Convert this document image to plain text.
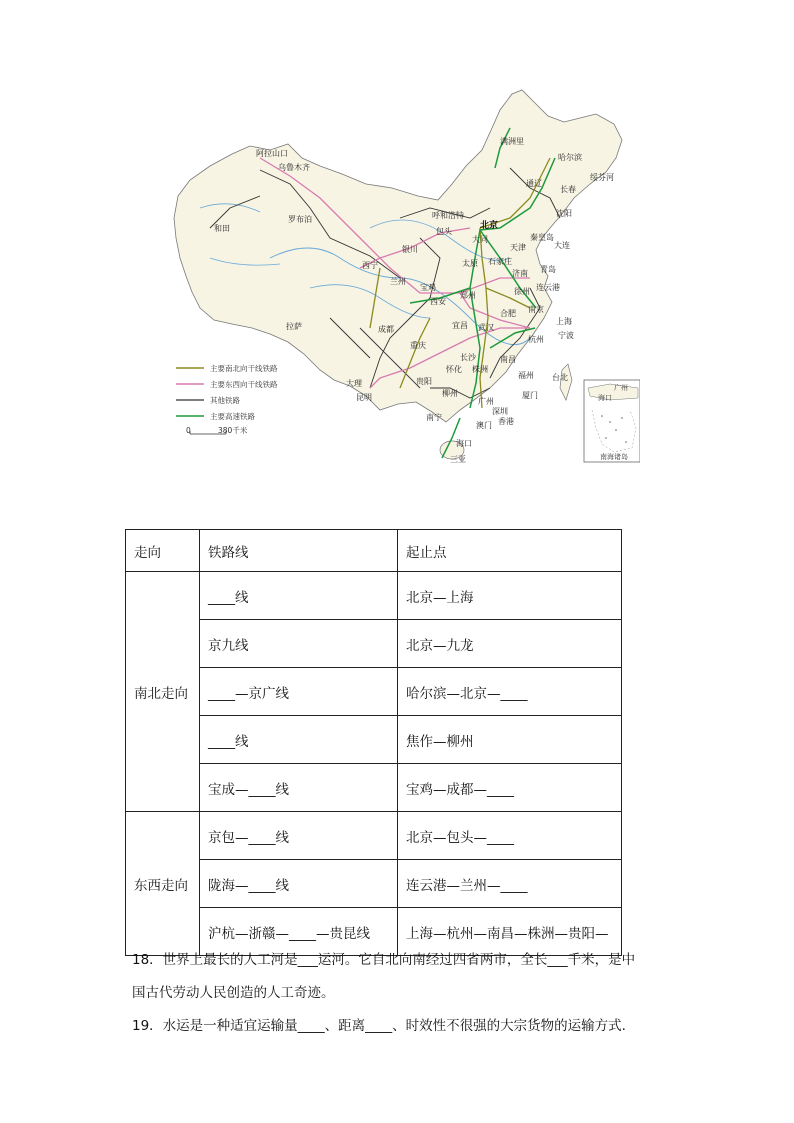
阿拉山口
乌鲁木齐
和田
罗布泊
满洲里
哈尔滨
绥芬河
通辽
长春
沈阳
大连
呼和浩特
包头
北京
大同	秦皇岛
天津
银川
西宁
兰州
太原 石家庄
济南 青岛
宝鸡
西安
郑州	徐州 连云港
拉萨	成都
合肥 南京
上海
宜昌 武汉
杭州 宁波
重庆
长沙	南昌
怀化 株洲
贵阳
昆明
大理
柳州
福州
厦门
台北
广州
深圳
香港
澳门
南宁
海口
三亚
主要南北向干线铁路
主要东西向干线铁路
其他铁路
主要高速铁路
0	380千米
广州
海口
南海诸岛
走向	铁路线	起止点
南北走向	____线	北京—上海
	京九线	北京—九龙
	____—京广线	哈尔滨—北京—____
	____线	焦作—柳州
	宝成—____线	宝鸡—成都—____
东西走向	京包—____线	北京—包头—____
	陇海—____线	连云港—兰州—____
	沪杭—浙赣—____—贵昆线	上海—杭州—南昌—株洲—贵阳—
18．世界上最长的人工河是___运河。它自北向南经过四省两市，全长___千米，是中
国古代劳动人民创造的人工奇迹。
19．水运是一种适宜运输量____、距离____、时效性不很强的大宗货物的运输方式.
